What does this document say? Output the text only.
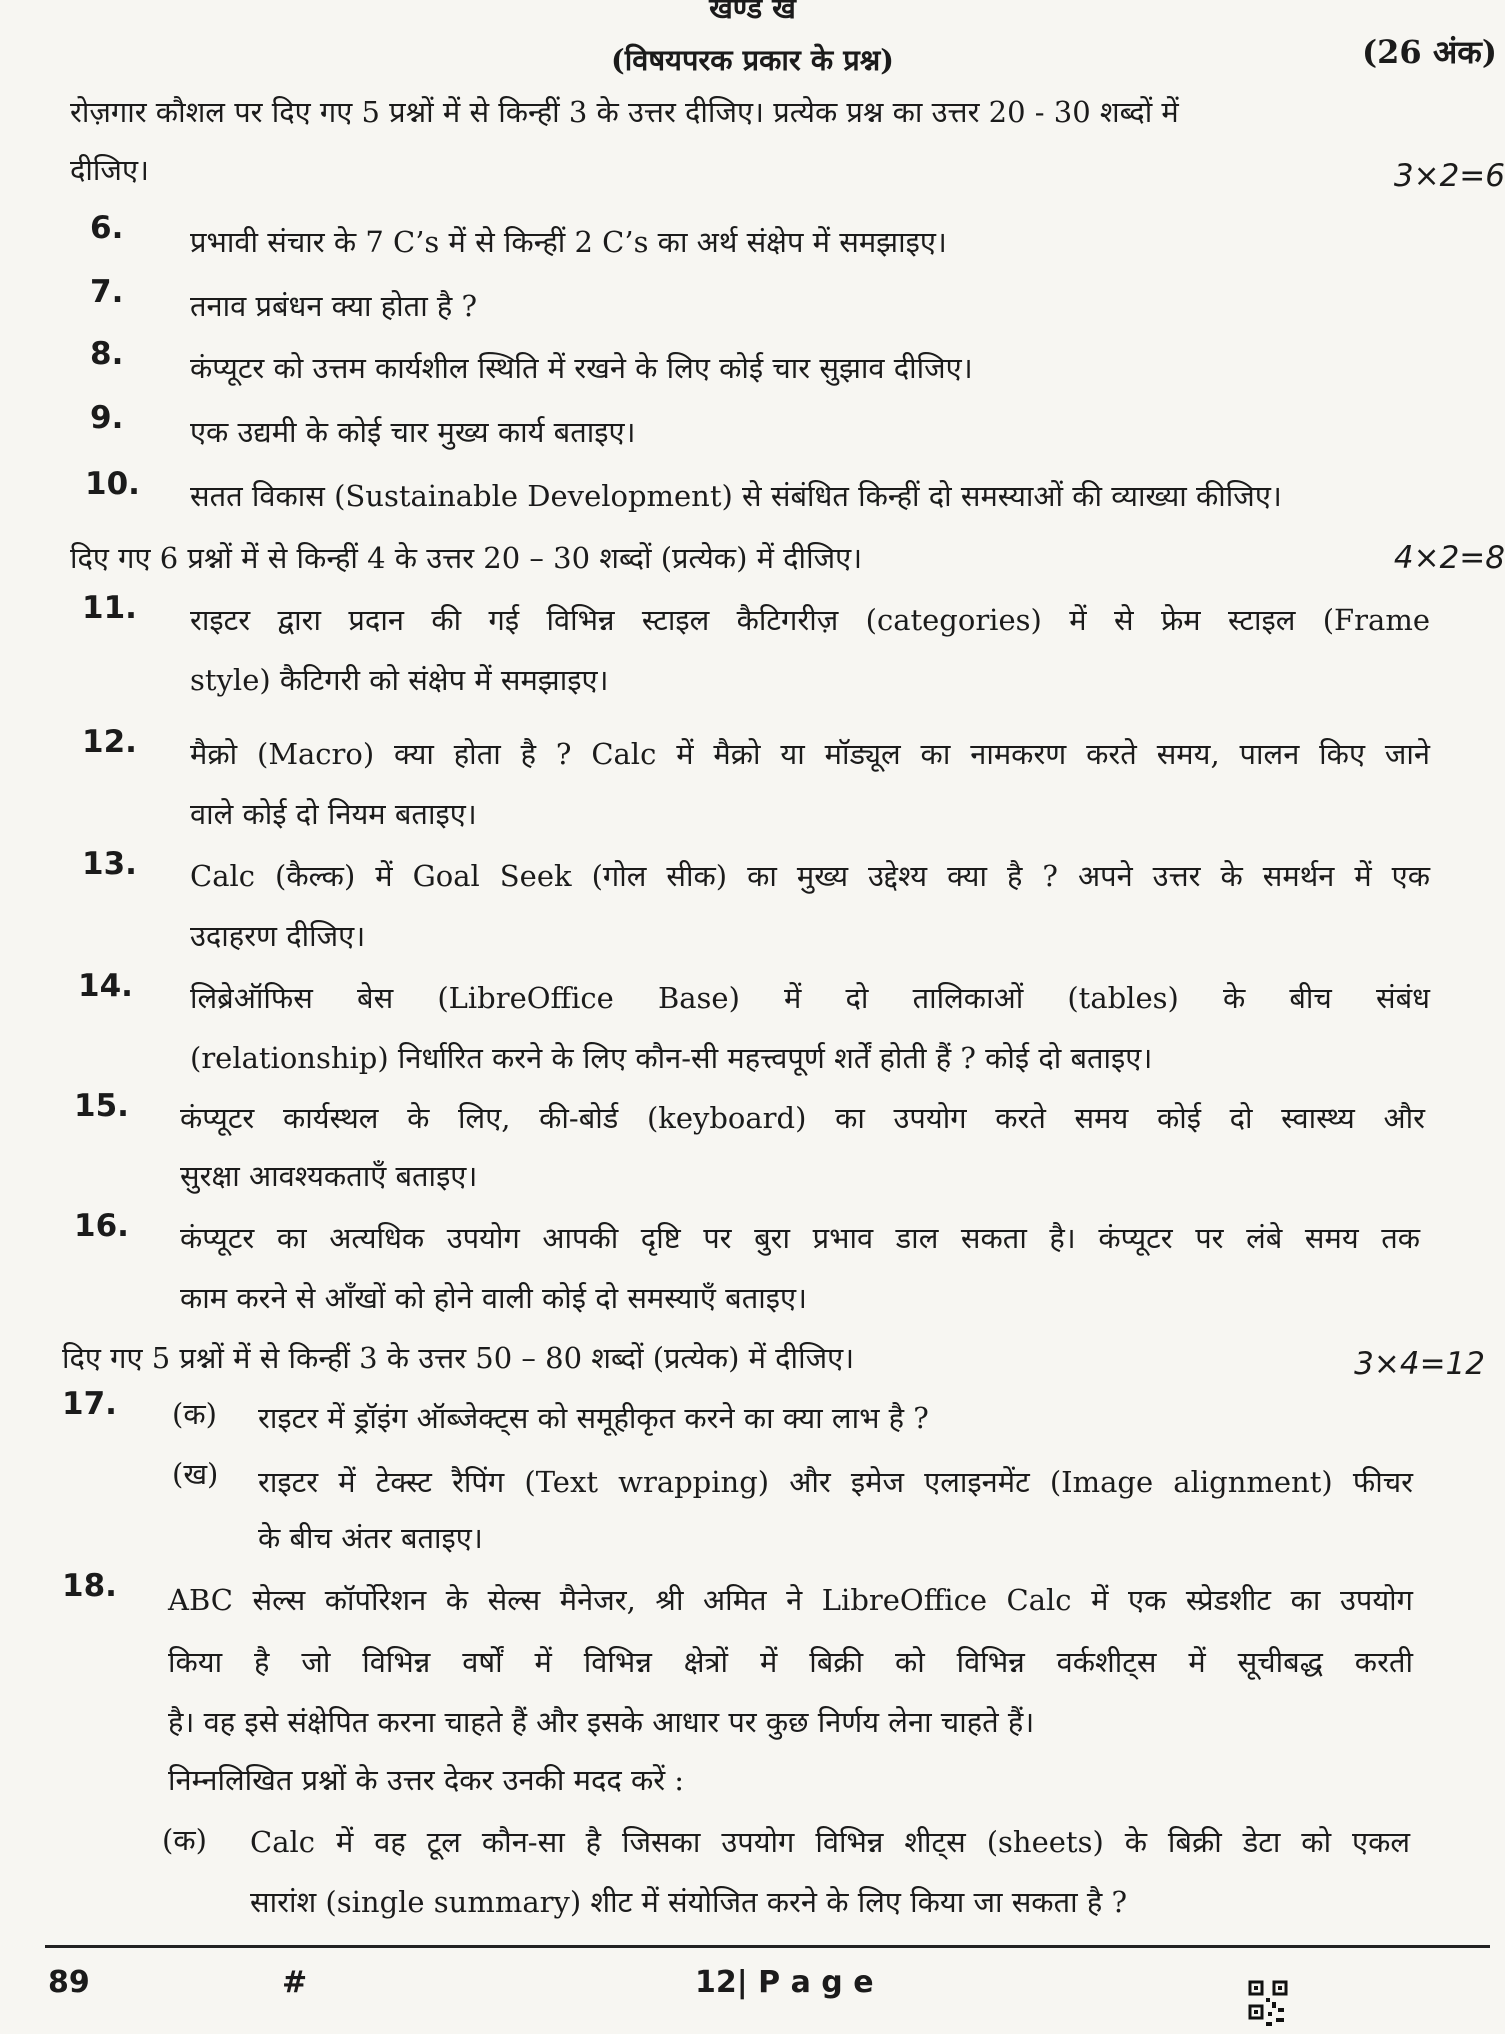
खण्ड ख
(विषयपरक प्रकार के प्रश्न)	(26 अंक)
रोज़गार कौशल पर दिए गए 5 प्रश्नों में से किन्हीं 3 के उत्तर दीजिए। प्रत्येक प्रश्न का उत्तर 20 - 30 शब्दों में
दीजिए।	3×2=6
6. प्रभावी संचार के 7 C’s में से किन्हीं 2 C’s का अर्थ संक्षेप में समझाइए।
7. तनाव प्रबंधन क्या होता है ?
8. कंप्यूटर को उत्तम कार्यशील स्थिति में रखने के लिए कोई चार सुझाव दीजिए।
9. एक उद्यमी के कोई चार मुख्य कार्य बताइए।
10. सतत विकास (Sustainable Development) से संबंधित किन्हीं दो समस्याओं की व्याख्या कीजिए।
दिए गए 6 प्रश्नों में से किन्हीं 4 के उत्तर 20 – 30 शब्दों (प्रत्येक) में दीजिए।	4×2=8
11. राइटर द्वारा प्रदान की गई विभिन्न स्टाइल कैटिगरीज़ (categories) में से फ्रेम स्टाइल (Frame
style) कैटिगरी को संक्षेप में समझाइए।
12. मैक्रो (Macro) क्या होता है ? Calc में मैक्रो या मॉड्यूल का नामकरण करते समय, पालन किए जाने
वाले कोई दो नियम बताइए।
13. Calc (कैल्क) में Goal Seek (गोल सीक) का मुख्य उद्देश्य क्या है ? अपने उत्तर के समर्थन में एक
उदाहरण दीजिए।
14. लिब्रेऑफिस बेस (LibreOffice Base) में दो तालिकाओं (tables) के बीच संबंध
(relationship) निर्धारित करने के लिए कौन-सी महत्त्वपूर्ण शर्तें होती हैं ? कोई दो बताइए।
15. कंप्यूटर कार्यस्थल के लिए, की-बोर्ड (keyboard) का उपयोग करते समय कोई दो स्वास्थ्य और
सुरक्षा आवश्यकताएँ बताइए।
16. कंप्यूटर का अत्यधिक उपयोग आपकी दृष्टि पर बुरा प्रभाव डाल सकता है। कंप्यूटर पर लंबे समय तक
काम करने से आँखों को होने वाली कोई दो समस्याएँ बताइए।
दिए गए 5 प्रश्नों में से किन्हीं 3 के उत्तर 50 – 80 शब्दों (प्रत्येक) में दीजिए।	3×4=12
17. (क) राइटर में ड्रॉइंग ऑब्जेक्ट्स को समूहीकृत करने का क्या लाभ है ?
(ख) राइटर में टेक्स्ट रैपिंग (Text wrapping) और इमेज एलाइनमेंट (Image alignment) फीचर
के बीच अंतर बताइए।
18. ABC सेल्स कॉर्पोरेशन के सेल्स मैनेजर, श्री अमित ने LibreOffice Calc में एक स्प्रेडशीट का उपयोग
किया है जो विभिन्न वर्षों में विभिन्न क्षेत्रों में बिक्री को विभिन्न वर्कशीट्स में सूचीबद्ध करती
है। वह इसे संक्षेपित करना चाहते हैं और इसके आधार पर कुछ निर्णय लेना चाहते हैं।
निम्नलिखित प्रश्नों के उत्तर देकर उनकी मदद करें :
(क) Calc में वह टूल कौन-सा है जिसका उपयोग विभिन्न शीट्स (sheets) के बिक्री डेटा को एकल
सारांश (single summary) शीट में संयोजित करने के लिए किया जा सकता है ?
89	#	12| P a g e
